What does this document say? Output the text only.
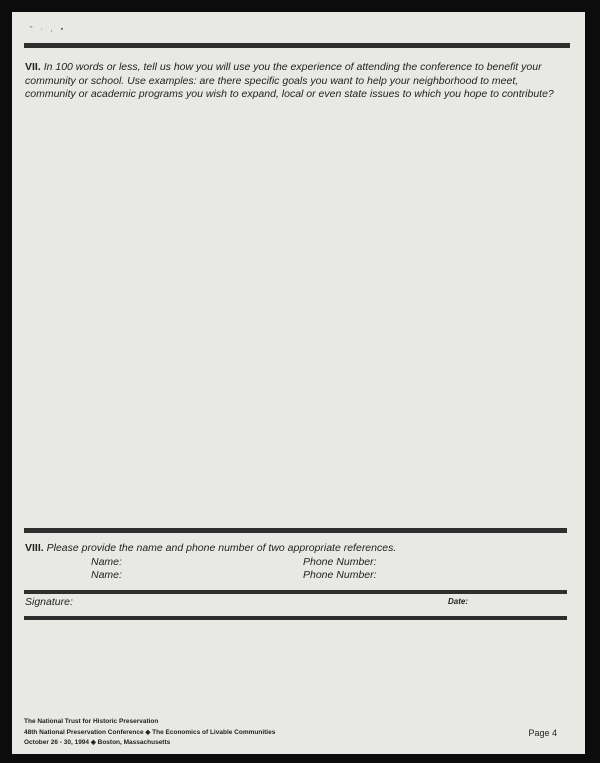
" · , ▪
VII. In 100 words or less, tell us how you will use you the experience of attending the conference to benefit your community or school. Use examples: are there specific goals you want to help your neighborhood to meet, community or academic programs you wish to expand, local or even state issues to which you hope to contribute?
VIII. Please provide the name and phone number of two appropriate references.
Name:	Phone Number:
Name:	Phone Number:
Signature:	Date:
The National Trust for Historic Preservation
48th National Preservation Conference ◆ The Economics of Livable Communities
October 26 - 30, 1994 ◆ Boston, Massachusetts
Page 4
